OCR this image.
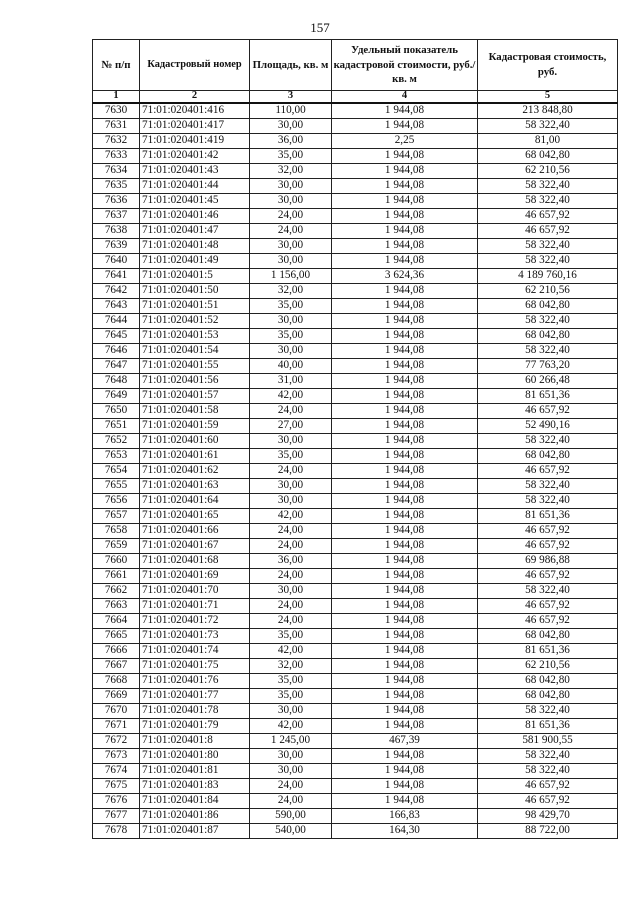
157
№ п/п	Кадастровый номер	Площадь, кв. м	Удельный показатель кадастровой стоимости, руб./кв. м	Кадастровая стоимость, руб.
1	2	3	4	5
7630	71:01:020401:416	110,00	1 944,08	213 848,80
7631	71:01:020401:417	30,00	1 944,08	58 322,40
7632	71:01:020401:419	36,00	2,25	81,00
7633	71:01:020401:42	35,00	1 944,08	68 042,80
7634	71:01:020401:43	32,00	1 944,08	62 210,56
7635	71:01:020401:44	30,00	1 944,08	58 322,40
7636	71:01:020401:45	30,00	1 944,08	58 322,40
7637	71:01:020401:46	24,00	1 944,08	46 657,92
7638	71:01:020401:47	24,00	1 944,08	46 657,92
7639	71:01:020401:48	30,00	1 944,08	58 322,40
7640	71:01:020401:49	30,00	1 944,08	58 322,40
7641	71:01:020401:5	1 156,00	3 624,36	4 189 760,16
7642	71:01:020401:50	32,00	1 944,08	62 210,56
7643	71:01:020401:51	35,00	1 944,08	68 042,80
7644	71:01:020401:52	30,00	1 944,08	58 322,40
7645	71:01:020401:53	35,00	1 944,08	68 042,80
7646	71:01:020401:54	30,00	1 944,08	58 322,40
7647	71:01:020401:55	40,00	1 944,08	77 763,20
7648	71:01:020401:56	31,00	1 944,08	60 266,48
7649	71:01:020401:57	42,00	1 944,08	81 651,36
7650	71:01:020401:58	24,00	1 944,08	46 657,92
7651	71:01:020401:59	27,00	1 944,08	52 490,16
7652	71:01:020401:60	30,00	1 944,08	58 322,40
7653	71:01:020401:61	35,00	1 944,08	68 042,80
7654	71:01:020401:62	24,00	1 944,08	46 657,92
7655	71:01:020401:63	30,00	1 944,08	58 322,40
7656	71:01:020401:64	30,00	1 944,08	58 322,40
7657	71:01:020401:65	42,00	1 944,08	81 651,36
7658	71:01:020401:66	24,00	1 944,08	46 657,92
7659	71:01:020401:67	24,00	1 944,08	46 657,92
7660	71:01:020401:68	36,00	1 944,08	69 986,88
7661	71:01:020401:69	24,00	1 944,08	46 657,92
7662	71:01:020401:70	30,00	1 944,08	58 322,40
7663	71:01:020401:71	24,00	1 944,08	46 657,92
7664	71:01:020401:72	24,00	1 944,08	46 657,92
7665	71:01:020401:73	35,00	1 944,08	68 042,80
7666	71:01:020401:74	42,00	1 944,08	81 651,36
7667	71:01:020401:75	32,00	1 944,08	62 210,56
7668	71:01:020401:76	35,00	1 944,08	68 042,80
7669	71:01:020401:77	35,00	1 944,08	68 042,80
7670	71:01:020401:78	30,00	1 944,08	58 322,40
7671	71:01:020401:79	42,00	1 944,08	81 651,36
7672	71:01:020401:8	1 245,00	467,39	581 900,55
7673	71:01:020401:80	30,00	1 944,08	58 322,40
7674	71:01:020401:81	30,00	1 944,08	58 322,40
7675	71:01:020401:83	24,00	1 944,08	46 657,92
7676	71:01:020401:84	24,00	1 944,08	46 657,92
7677	71:01:020401:86	590,00	166,83	98 429,70
7678	71:01:020401:87	540,00	164,30	88 722,00
